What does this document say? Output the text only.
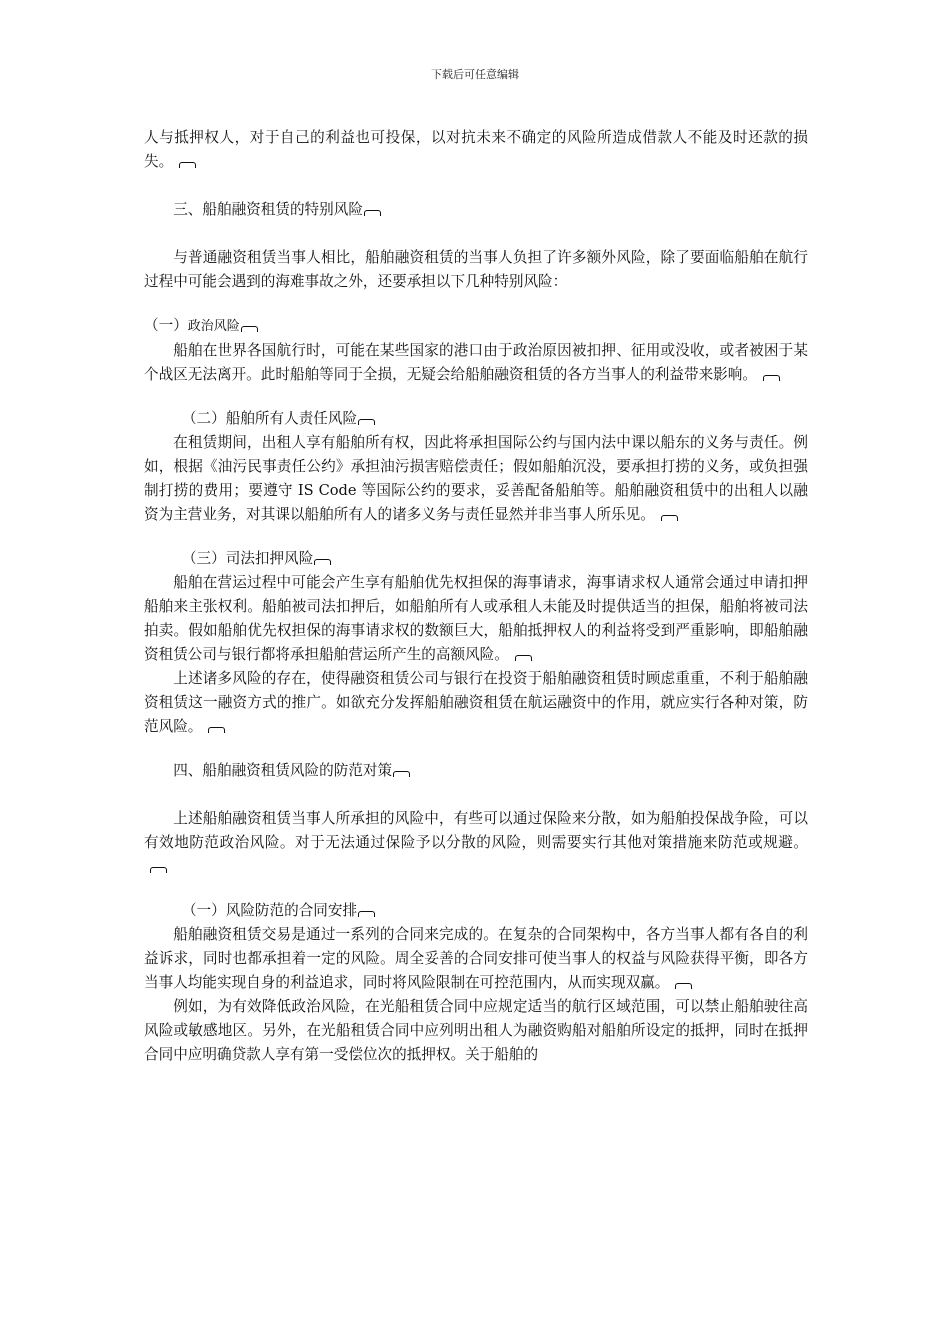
下载后可任意编辑

人与抵押权人，对于自己的利益也可投保，以对抗未来不确定的风险所造成借款人不能及时还款的损失。

三、船舶融资租赁的特别风险

与普通融资租赁当事人相比，船舶融资租赁的当事人负担了许多额外风险，除了要面临船舶在航行过程中可能会遇到的海难事故之外，还要承担以下几种特别风险：

（一）政治风险

船舶在世界各国航行时，可能在某些国家的港口由于政治原因被扣押、征用或没收，或者被困于某个战区无法离开。此时船舶等同于全损，无疑会给船舶融资租赁的各方当事人的利益带来影响。

（二）船舶所有人责任风险

在租赁期间，出租人享有船舶所有权，因此将承担国际公约与国内法中课以船东的义务与责任。例如，根据《油污民事责任公约》承担油污损害赔偿责任；假如船舶沉没，要承担打捞的义务，或负担强制打捞的费用；要遵守 IS Code 等国际公约的要求，妥善配备船舶等。船舶融资租赁中的出租人以融资为主营业务，对其课以船舶所有人的诸多义务与责任显然并非当事人所乐见。

（三）司法扣押风险

船舶在营运过程中可能会产生享有船舶优先权担保的海事请求，海事请求权人通常会通过申请扣押船舶来主张权利。船舶被司法扣押后，如船舶所有人或承租人未能及时提供适当的担保，船舶将被司法拍卖。假如船舶优先权担保的海事请求权的数额巨大，船舶抵押权人的利益将受到严重影响，即船舶融资租赁公司与银行都将承担船舶营运所产生的高额风险。

上述诸多风险的存在，使得融资租赁公司与银行在投资于船舶融资租赁时顾虑重重，不利于船舶融资租赁这一融资方式的推广。如欲充分发挥船舶融资租赁在航运融资中的作用，就应实行各种对策，防范风险。

四、船舶融资租赁风险的防范对策

上述船舶融资租赁当事人所承担的风险中，有些可以通过保险来分散，如为船舶投保战争险，可以有效地防范政治风险。对于无法通过保险予以分散的风险，则需要实行其他对策措施来防范或规避。

（一）风险防范的合同安排

船舶融资租赁交易是通过一系列的合同来完成的。在复杂的合同架构中，各方当事人都有各自的利益诉求，同时也都承担着一定的风险。周全妥善的合同安排可使当事人的权益与风险获得平衡，即各方当事人均能实现自身的利益追求，同时将风险限制在可控范围内，从而实现双赢。

例如，为有效降低政治风险，在光船租赁合同中应规定适当的航行区域范围，可以禁止船舶驶往高风险或敏感地区。另外，在光船租赁合同中应列明出租人为融资购船对船舶所设定的抵押，同时在抵押合同中应明确贷款人享有第一受偿位次的抵押权。关于船舶的
